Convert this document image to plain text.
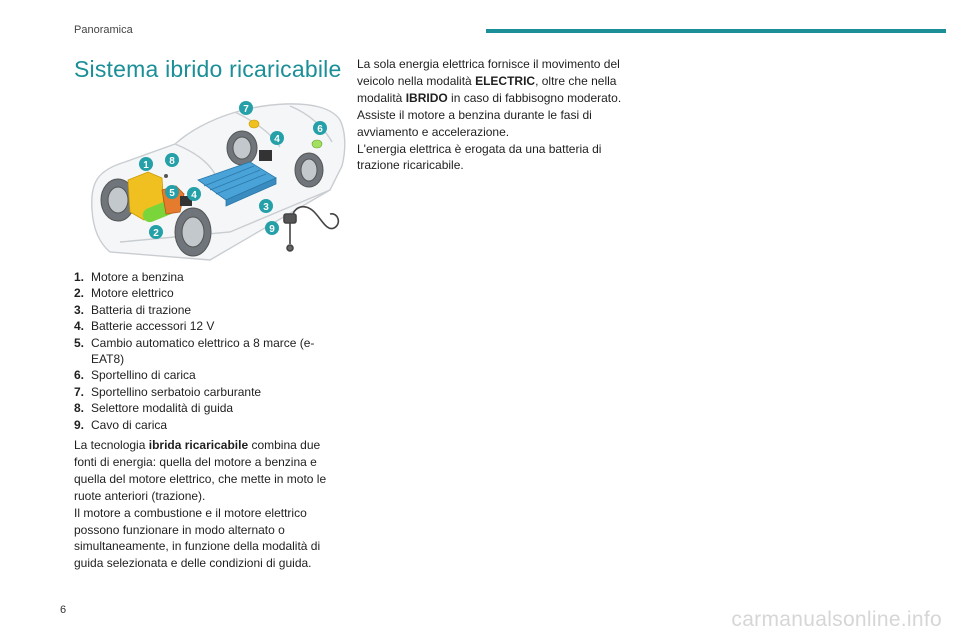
Panoramica
Sistema ibrido ricaricabile
1
2
3
4
4
5
6
7
8
9
1. Motore a benzina
2. Motore elettrico
3. Batteria di trazione
4. Batterie accessori 12 V
5. Cambio automatico elettrico a 8 marce (e-EAT8)
6. Sportellino di carica
7. Sportellino serbatoio carburante
8. Selettore modalità di guida
9. Cavo di carica

La tecnologia ibrida ricaricabile combina due fonti di energia: quella del motore a benzina e quella del motore elettrico, che mette in moto le ruote anteriori (trazione).

Il motore a combustione e il motore elettrico possono funzionare in modo alternato o simultaneamente, in funzione della modalità di guida selezionata e delle condizioni di guida.

La sola energia elettrica fornisce il movimento del veicolo nella modalità ELECTRIC, oltre che nella modalità IBRIDO in caso di fabbisogno moderato. Assiste il motore a benzina durante le fasi di avviamento e accelerazione.

L'energia elettrica è erogata da una batteria di trazione ricaricabile.

6	carmanualsonline.info
